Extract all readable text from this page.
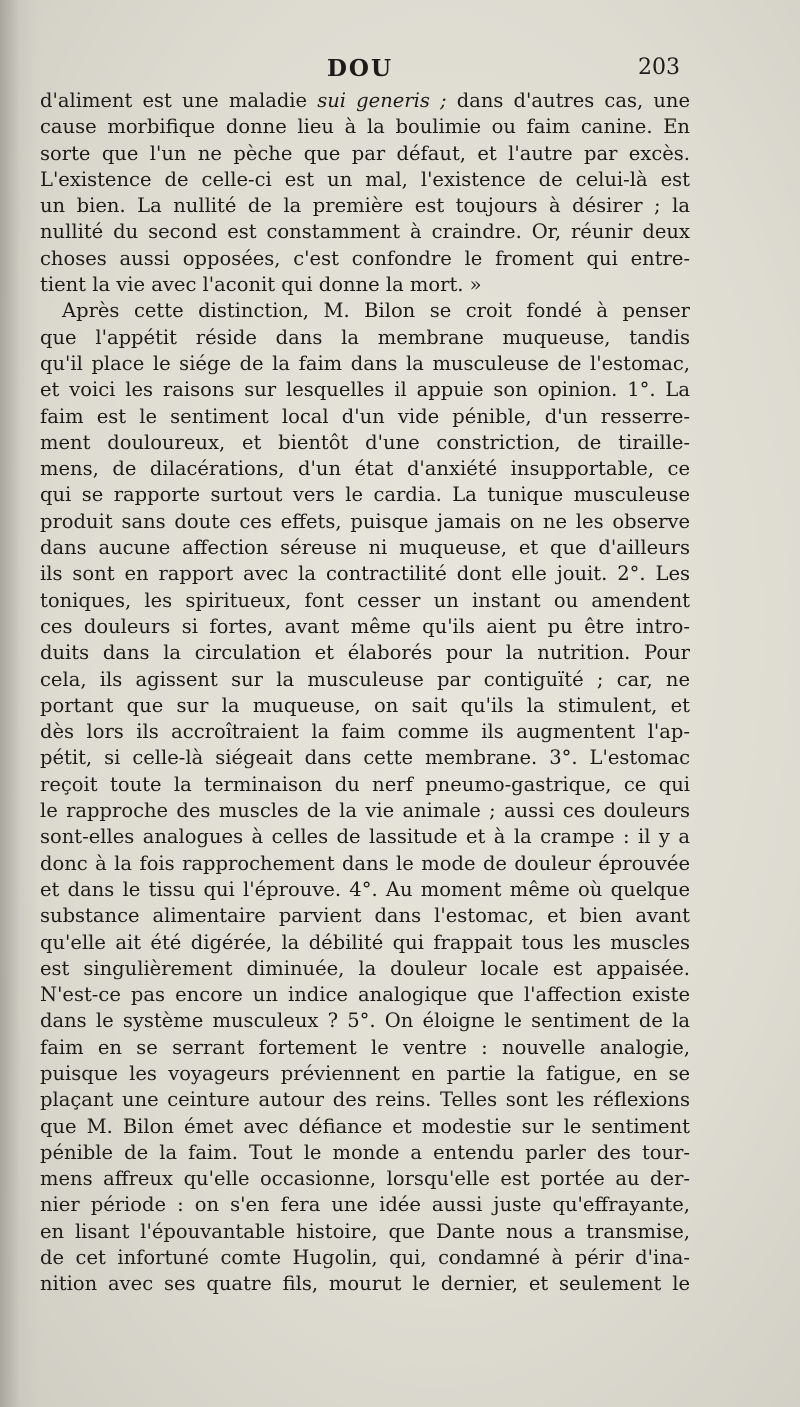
DOU	203
d'aliment est une maladie sui generis ; dans d'autres cas, une
cause morbifique donne lieu à la boulimie ou faim canine. En
sorte que l'un ne pèche que par défaut, et l'autre par excès.
L'existence de celle-ci est un mal, l'existence de celui-là est
un bien. La nullité de la première est toujours à désirer ; la
nullité du second est constamment à craindre. Or, réunir deux
choses aussi opposées, c'est confondre le froment qui entre-
tient la vie avec l'aconit qui donne la mort. »
Après cette distinction, M. Bilon se croit fondé à penser
que l'appétit réside dans la membrane muqueuse, tandis
qu'il place le siége de la faim dans la musculeuse de l'estomac,
et voici les raisons sur lesquelles il appuie son opinion. 1°. La
faim est le sentiment local d'un vide pénible, d'un resserre-
ment douloureux, et bientôt d'une constriction, de tiraille-
mens, de dilacérations, d'un état d'anxiété insupportable, ce
qui se rapporte surtout vers le cardia. La tunique musculeuse
produit sans doute ces effets, puisque jamais on ne les observe
dans aucune affection séreuse ni muqueuse, et que d'ailleurs
ils sont en rapport avec la contractilité dont elle jouit. 2°. Les
toniques, les spiritueux, font cesser un instant ou amendent
ces douleurs si fortes, avant même qu'ils aient pu être intro-
duits dans la circulation et élaborés pour la nutrition. Pour
cela, ils agissent sur la musculeuse par contiguïté ; car, ne
portant que sur la muqueuse, on sait qu'ils la stimulent, et
dès lors ils accroîtraient la faim comme ils augmentent l'ap-
pétit, si celle-là siégeait dans cette membrane. 3°. L'estomac
reçoit toute la terminaison du nerf pneumo-gastrique, ce qui
le rapproche des muscles de la vie animale ; aussi ces douleurs
sont-elles analogues à celles de lassitude et à la crampe : il y a
donc à la fois rapprochement dans le mode de douleur éprouvée
et dans le tissu qui l'éprouve. 4°. Au moment même où quelque
substance alimentaire parvient dans l'estomac, et bien avant
qu'elle ait été digérée, la débilité qui frappait tous les muscles
est singulièrement diminuée, la douleur locale est appaisée.
N'est-ce pas encore un indice analogique que l'affection existe
dans le système musculeux ? 5°. On éloigne le sentiment de la
faim en se serrant fortement le ventre : nouvelle analogie,
puisque les voyageurs préviennent en partie la fatigue, en se
plaçant une ceinture autour des reins. Telles sont les réflexions
que M. Bilon émet avec défiance et modestie sur le sentiment
pénible de la faim. Tout le monde a entendu parler des tour-
mens affreux qu'elle occasionne, lorsqu'elle est portée au der-
nier période : on s'en fera une idée aussi juste qu'effrayante,
en lisant l'épouvantable histoire, que Dante nous a transmise,
de cet infortuné comte Hugolin, qui, condamné à périr d'ina-
nition avec ses quatre fils, mourut le dernier, et seulement le
